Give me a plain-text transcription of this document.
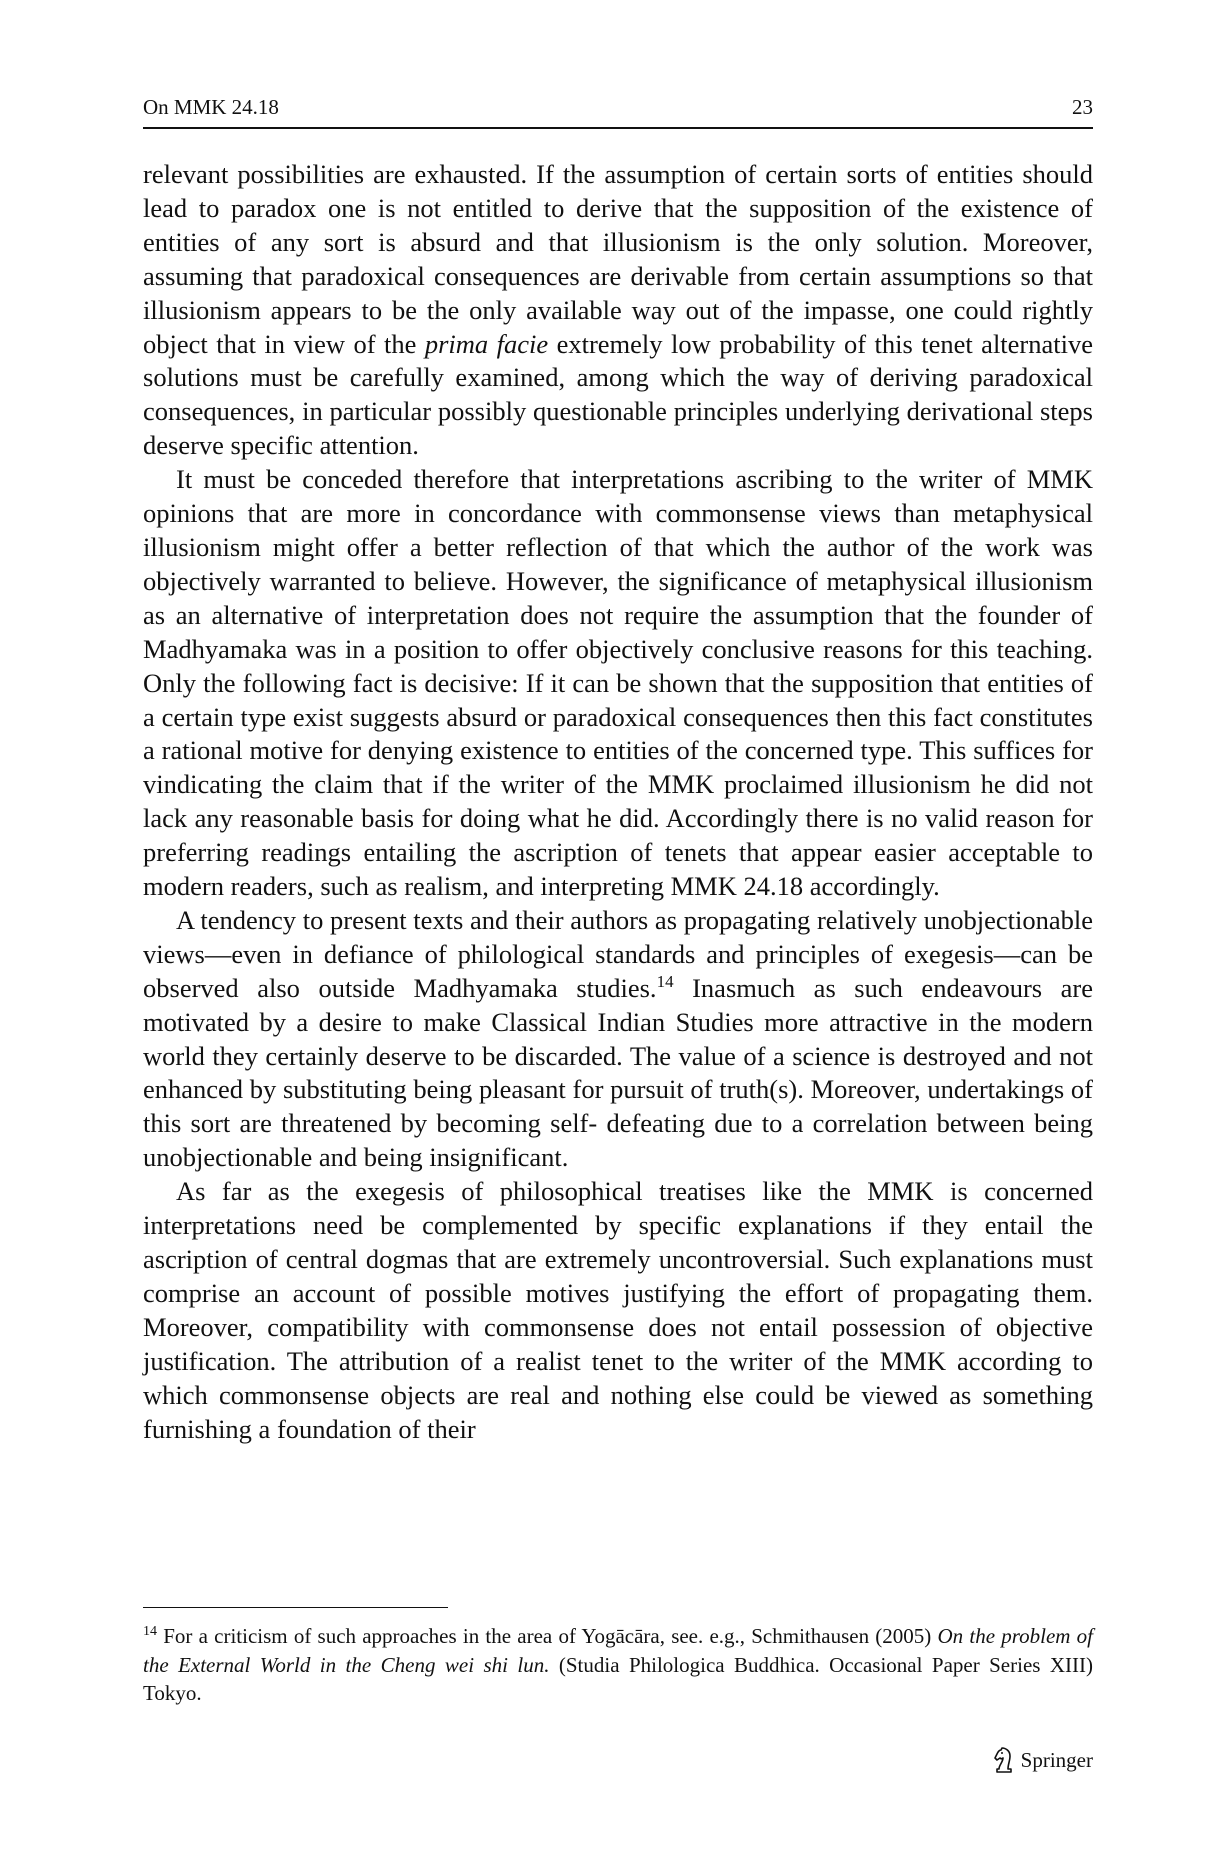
On MMK 24.18	23

relevant possibilities are exhausted. If the assumption of certain sorts of entities should lead to paradox one is not entitled to derive that the supposition of the existence of entities of any sort is absurd and that illusionism is the only solution. Moreover, assuming that paradoxical consequences are derivable from certain assumptions so that illusionism appears to be the only available way out of the impasse, one could rightly object that in view of the prima facie extremely low probability of this tenet alternative solutions must be carefully examined, among which the way of deriving paradoxical consequences, in particular possibly questionable principles underlying derivational steps deserve specific attention.

It must be conceded therefore that interpretations ascribing to the writer of MMK opinions that are more in concordance with commonsense views than metaphysical illusionism might offer a better reflection of that which the author of the work was objectively warranted to believe. However, the significance of metaphysical illusionism as an alternative of interpretation does not require the assumption that the founder of Madhyamaka was in a position to offer objectively conclusive reasons for this teaching. Only the following fact is decisive: If it can be shown that the supposition that entities of a certain type exist suggests absurd or paradoxical consequences then this fact constitutes a rational motive for denying existence to entities of the concerned type. This suffices for vindicating the claim that if the writer of the MMK proclaimed illusionism he did not lack any reasonable basis for doing what he did. Accordingly there is no valid reason for preferring readings entailing the ascription of tenets that appear easier acceptable to modern readers, such as realism, and interpreting MMK 24.18 accordingly.

A tendency to present texts and their authors as propagating relatively unobjectionable views—even in defiance of philological standards and principles of exegesis—can be observed also outside Madhyamaka studies.$^{14}$ Inasmuch as such endeavours are motivated by a desire to make Classical Indian Studies more attractive in the modern world they certainly deserve to be discarded. The value of a science is destroyed and not enhanced by substituting being pleasant for pursuit of truth(s). Moreover, undertakings of this sort are threatened by becoming self- defeating due to a correlation between being unobjectionable and being insignificant.

As far as the exegesis of philosophical treatises like the MMK is concerned interpretations need be complemented by specific explanations if they entail the ascription of central dogmas that are extremely uncontroversial. Such explanations must comprise an account of possible motives justifying the effort of propagating them. Moreover, compatibility with commonsense does not entail possession of objective justification. The attribution of a realist tenet to the writer of the MMK according to which commonsense objects are real and nothing else could be viewed as something furnishing a foundation of their

$^{14}$ For a criticism of such approaches in the area of Yogācāra, see. e.g., Schmithausen (2005) On the problem of the External World in the Cheng wei shi lun. (Studia Philologica Buddhica. Occasional Paper Series XIII) Tokyo.
Springer
